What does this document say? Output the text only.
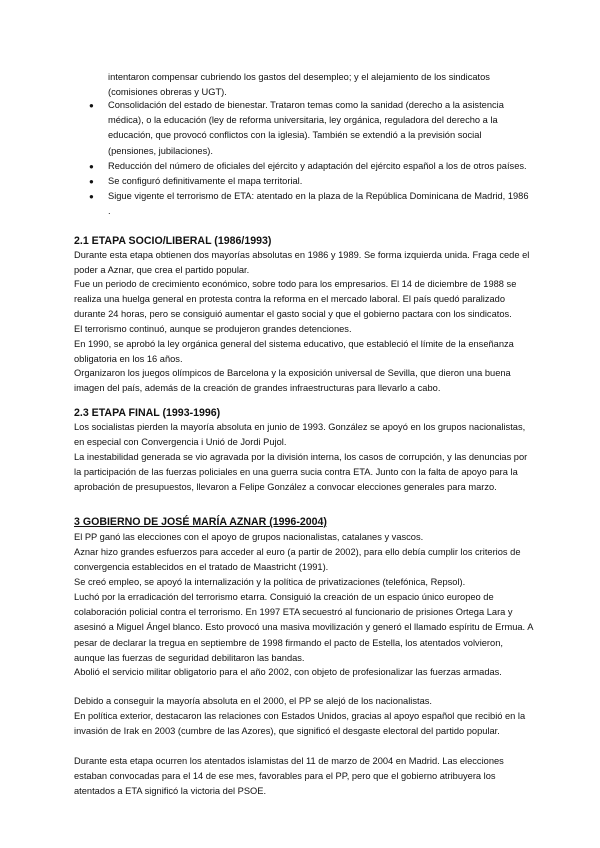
intentaron compensar cubriendo los gastos del desempleo; y el alejamiento de los sindicatos (comisiones obreras y UGT).

● Consolidación del estado de bienestar. Trataron temas como la sanidad (derecho a la asistencia médica), o la educación (ley de reforma universitaria, ley orgánica, reguladora del derecho a la educación, que provocó conflictos con la iglesia). También se extendió a la previsión social (pensiones, jubilaciones).
● Reducción del número de oficiales del ejército y adaptación del ejército español a los de otros países.
● Se configuró definitivamente el mapa territorial.
● Sigue vigente el terrorismo de ETA: atentado en la plaza de la República Dominicana de Madrid, 1986 .
2.1 ETAPA SOCIO/LIBERAL (1986/1993)

Durante esta etapa obtienen dos mayorías absolutas en 1986 y 1989. Se forma izquierda unida. Fraga cede el poder a Aznar, que crea el partido popular.

Fue un periodo de crecimiento económico, sobre todo para los empresarios. El 14 de diciembre de 1988 se realiza una huelga general en protesta contra la reforma en el mercado laboral. El país quedó paralizado durante 24 horas, pero se consiguió aumentar el gasto social y que el gobierno pactara con los sindicatos.

El terrorismo continuó, aunque se produjeron grandes detenciones.

En 1990, se aprobó la ley orgánica general del sistema educativo, que estableció el límite de la enseñanza obligatoria en los 16 años.

Organizaron los juegos olímpicos de Barcelona y la exposición universal de Sevilla, que dieron una buena imagen del país, además de la creación de grandes infraestructuras para llevarlo a cabo.

2.3 ETAPA FINAL (1993-1996)

Los socialistas pierden la mayoría absoluta en junio de 1993. González se apoyó en los grupos nacionalistas, en especial con Convergencia i Unió de Jordi Pujol.

La inestabilidad generada se vio agravada por la división interna, los casos de corrupción, y las denuncias por la participación de las fuerzas policiales en una guerra sucia contra ETA. Junto con la falta de apoyo para la aprobación de presupuestos, llevaron a Felipe González a convocar elecciones generales para marzo.

3 GOBIERNO DE JOSÉ MARÍA AZNAR (1996-2004)

El PP ganó las elecciones con el apoyo de grupos nacionalistas, catalanes y vascos.

Aznar hizo grandes esfuerzos para acceder al euro (a partir de 2002), para ello debía cumplir los criterios de convergencia establecidos en el tratado de Maastricht (1991).

Se creó empleo, se apoyó la internalización y la política de privatizaciones (telefónica, Repsol).

Luchó por la erradicación del terrorismo etarra. Consiguió la creación de un espacio único europeo de colaboración policial contra el terrorismo. En 1997 ETA secuestró al funcionario de prisiones Ortega Lara y asesinó a Miguel Ángel blanco. Esto provocó una masiva movilización y generó el llamado espíritu de Ermua. A pesar de declarar la tregua en septiembre de 1998 firmando el pacto de Estella, los atentados volvieron, aunque las fuerzas de seguridad debilitaron las bandas.

Abolió el servicio militar obligatorio para el año 2002, con objeto de profesionalizar las fuerzas armadas.

Debido a conseguir la mayoría absoluta en el 2000, el PP se alejó de los nacionalistas.

En política exterior, destacaron las relaciones con Estados Unidos, gracias al apoyo español que recibió en la invasión de Irak en 2003 (cumbre de las Azores), que significó el desgaste electoral del partido popular.

Durante esta etapa ocurren los atentados islamistas del 11 de marzo de 2004 en Madrid. Las elecciones estaban convocadas para el 14 de ese mes, favorables para el PP, pero que el gobierno atribuyera los atentados a ETA significó la victoria del PSOE.
